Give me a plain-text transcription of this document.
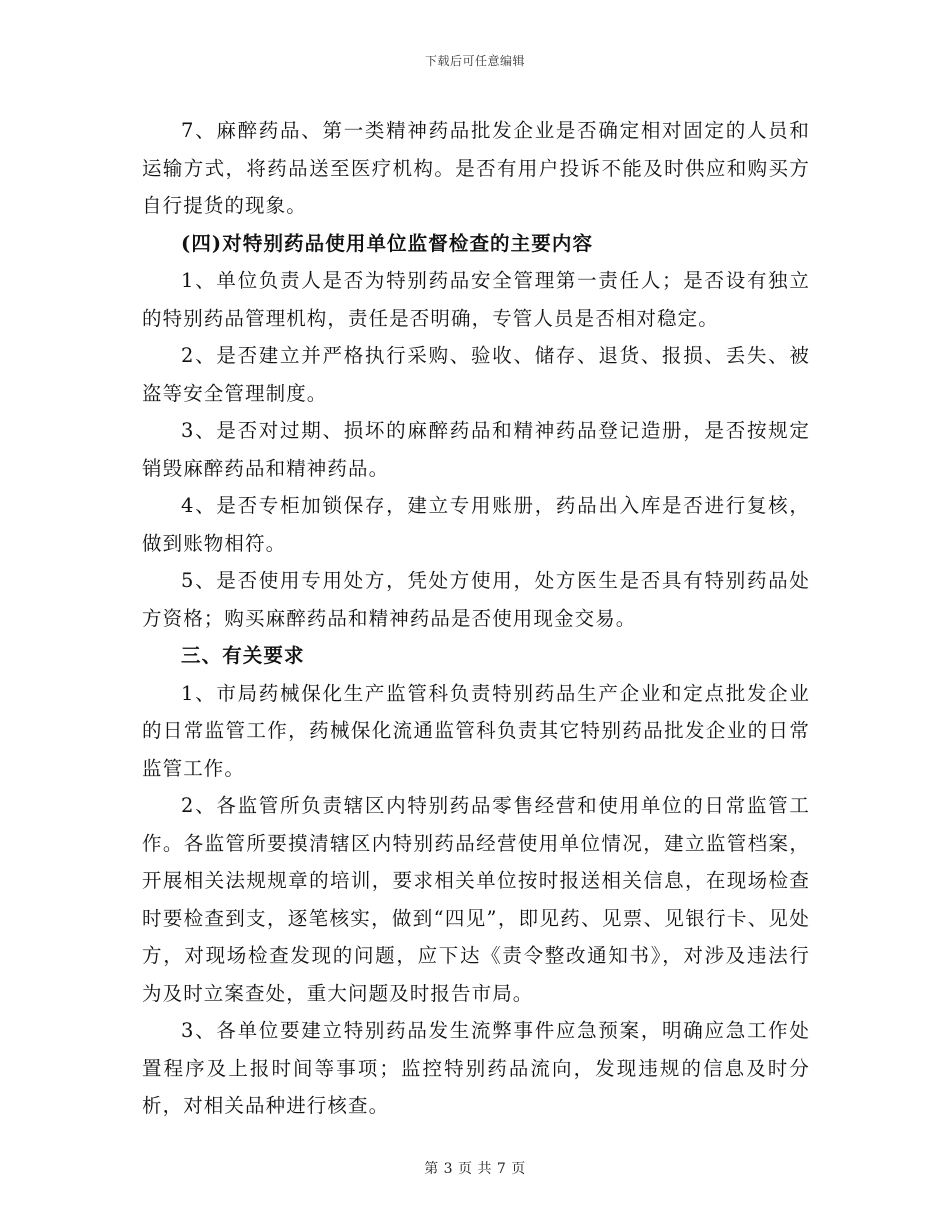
下载后可任意编辑

7、麻醉药品、第一类精神药品批发企业是否确定相对固定的人员和运输方式，将药品送至医疗机构。是否有用户投诉不能及时供应和购买方自行提货的现象。

(四)对特别药品使用单位监督检查的主要内容

1、单位负责人是否为特别药品安全管理第一责任人；是否设有独立的特别药品管理机构，责任是否明确，专管人员是否相对稳定。

2、是否建立并严格执行采购、验收、储存、退货、报损、丢失、被盗等安全管理制度。

3、是否对过期、损坏的麻醉药品和精神药品登记造册，是否按规定销毁麻醉药品和精神药品。

4、是否专柜加锁保存，建立专用账册，药品出入库是否进行复核，做到账物相符。

5、是否使用专用处方，凭处方使用，处方医生是否具有特别药品处方资格；购买麻醉药品和精神药品是否使用现金交易。

三、有关要求

1、市局药械保化生产监管科负责特别药品生产企业和定点批发企业的日常监管工作，药械保化流通监管科负责其它特别药品批发企业的日常监管工作。

2、各监管所负责辖区内特别药品零售经营和使用单位的日常监管工作。各监管所要摸清辖区内特别药品经营使用单位情况，建立监管档案，开展相关法规规章的培训，要求相关单位按时报送相关信息，在现场检查时要检查到支，逐笔核实，做到“四见”，即见药、见票、见银行卡、见处方，对现场检查发现的问题，应下达《责令整改通知书》，对涉及违法行为及时立案查处，重大问题及时报告市局。

3、各单位要建立特别药品发生流弊事件应急预案，明确应急工作处置程序及上报时间等事项；监控特别药品流向，发现违规的信息及时分析，对相关品种进行核查。

第 3 页 共 7 页
